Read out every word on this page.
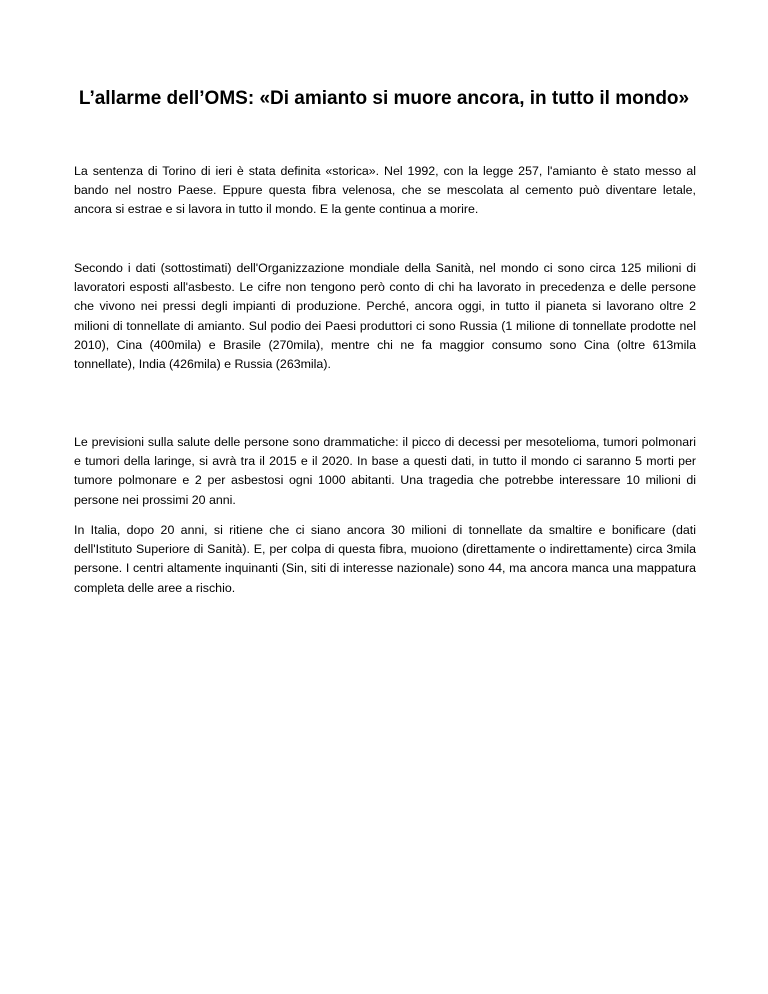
L’allarme dell’OMS: «Di amianto si muore ancora, in tutto il mondo»

La sentenza di Torino di ieri è stata definita «storica». Nel 1992, con la legge 257, l'amianto è stato messo al bando nel nostro Paese. Eppure questa fibra velenosa, che se mescolata al cemento può diventare letale, ancora si estrae e si lavora in tutto il mondo. E la gente continua a morire.

Secondo i dati (sottostimati) dell'Organizzazione mondiale della Sanità, nel mondo ci sono circa 125 milioni di lavoratori esposti all'asbesto. Le cifre non tengono però conto di chi ha lavorato in precedenza e delle persone che vivono nei pressi degli impianti di produzione. Perché, ancora oggi, in tutto il pianeta si lavorano oltre 2 milioni di tonnellate di amianto. Sul podio dei Paesi produttori ci sono Russia (1 milione di tonnellate prodotte nel 2010), Cina (400mila) e Brasile (270mila), mentre chi ne fa maggior consumo sono Cina (oltre 613mila tonnellate), India (426mila) e Russia (263mila).

Le previsioni sulla salute delle persone sono drammatiche: il picco di decessi per mesotelioma, tumori polmonari e tumori della laringe, si avrà tra il 2015 e il 2020. In base a questi dati, in tutto il mondo ci saranno 5 morti per tumore polmonare e 2 per asbestosi ogni 1000 abitanti. Una tragedia che potrebbe interessare 10 milioni di persone nei prossimi 20 anni.

In Italia, dopo 20 anni, si ritiene che ci siano ancora 30 milioni di tonnellate da smaltire e bonificare (dati dell'Istituto Superiore di Sanità). E, per colpa di questa fibra, muoiono (direttamente o indirettamente) circa 3mila persone. I centri altamente inquinanti (Sin, siti di interesse nazionale) sono 44, ma ancora manca una mappatura completa delle aree a rischio.
